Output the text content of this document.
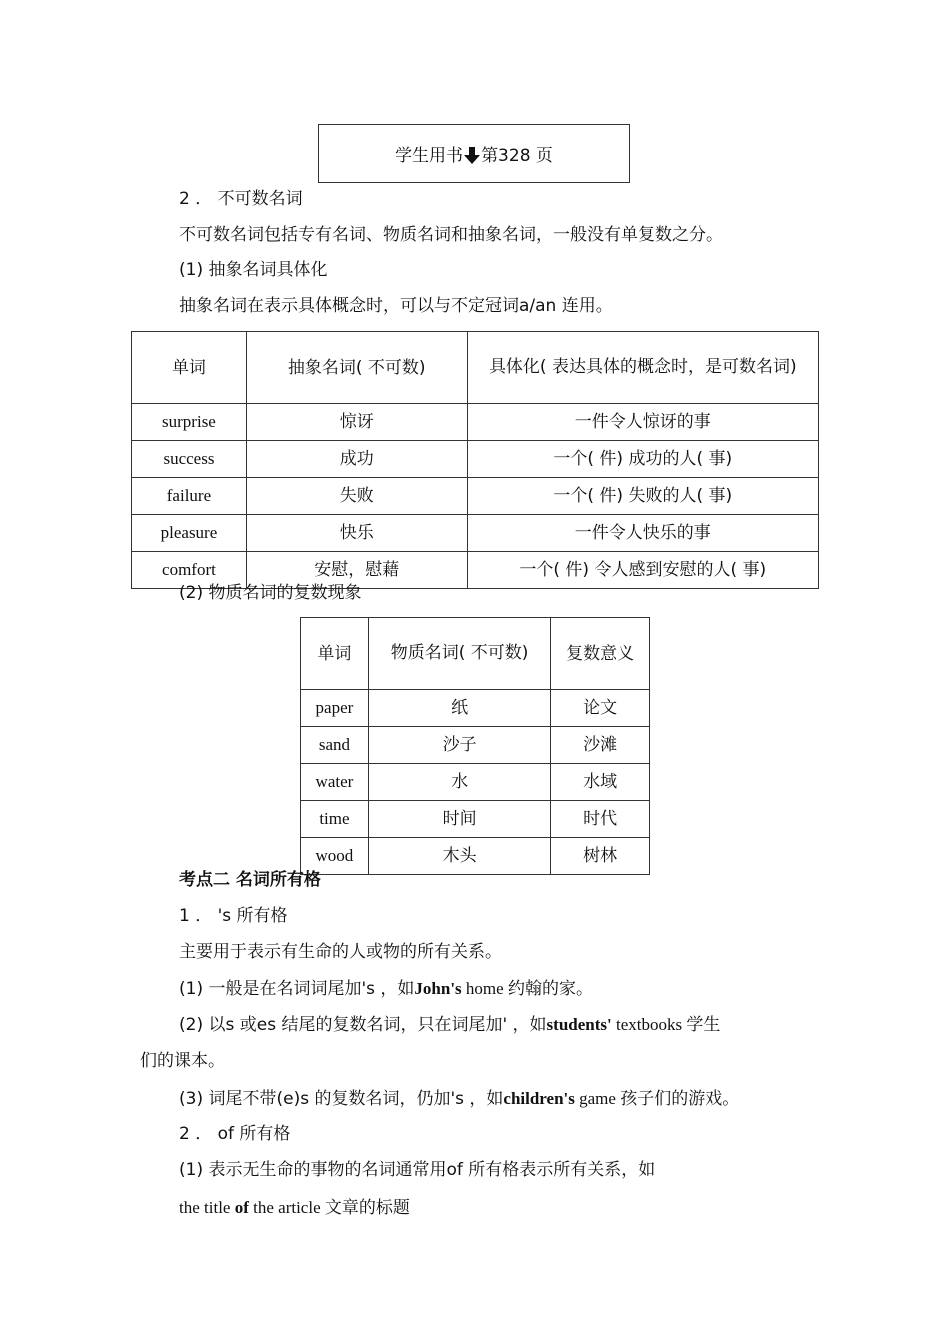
学生用书 第328 页
2 ． 不可数名词
不可数名词包括专有名词、物质名词和抽象名词，一般没有单复数之分。
(1) 抽象名词具体化
抽象名词在表示具体概念时，可以与不定冠词a/an 连用。
单词	抽象名词( 不可数)	具体化( 表达具体的概念时，是可数名词)
surprise	惊讶	一件令人惊讶的事
success	成功	一个( 件) 成功的人( 事)
failure	失败	一个( 件) 失败的人( 事)
pleasure	快乐	一件令人快乐的事
comfort	安慰，慰藉	一个( 件) 令人感到安慰的人( 事)
(2) 物质名词的复数现象
单词	物质名词( 不可数)	复数意义
paper	纸	论文
sand	沙子	沙滩
water	水	水域
time	时间	时代
wood	木头	树林
考点二 名词所有格
1 ． 's 所有格
主要用于表示有生命的人或物的所有关系。
(1) 一般是在名词词尾加's ，如John's home 约翰的家。
(2) 以s 或es 结尾的复数名词，只在词尾加' ，如students' textbooks 学生
们的课本。
(3) 词尾不带(e)s 的复数名词，仍加's ，如children's game 孩子们的游戏。
2 ． of 所有格
(1) 表示无生命的事物的名词通常用of 所有格表示所有关系，如
the title of the article 文章的标题
